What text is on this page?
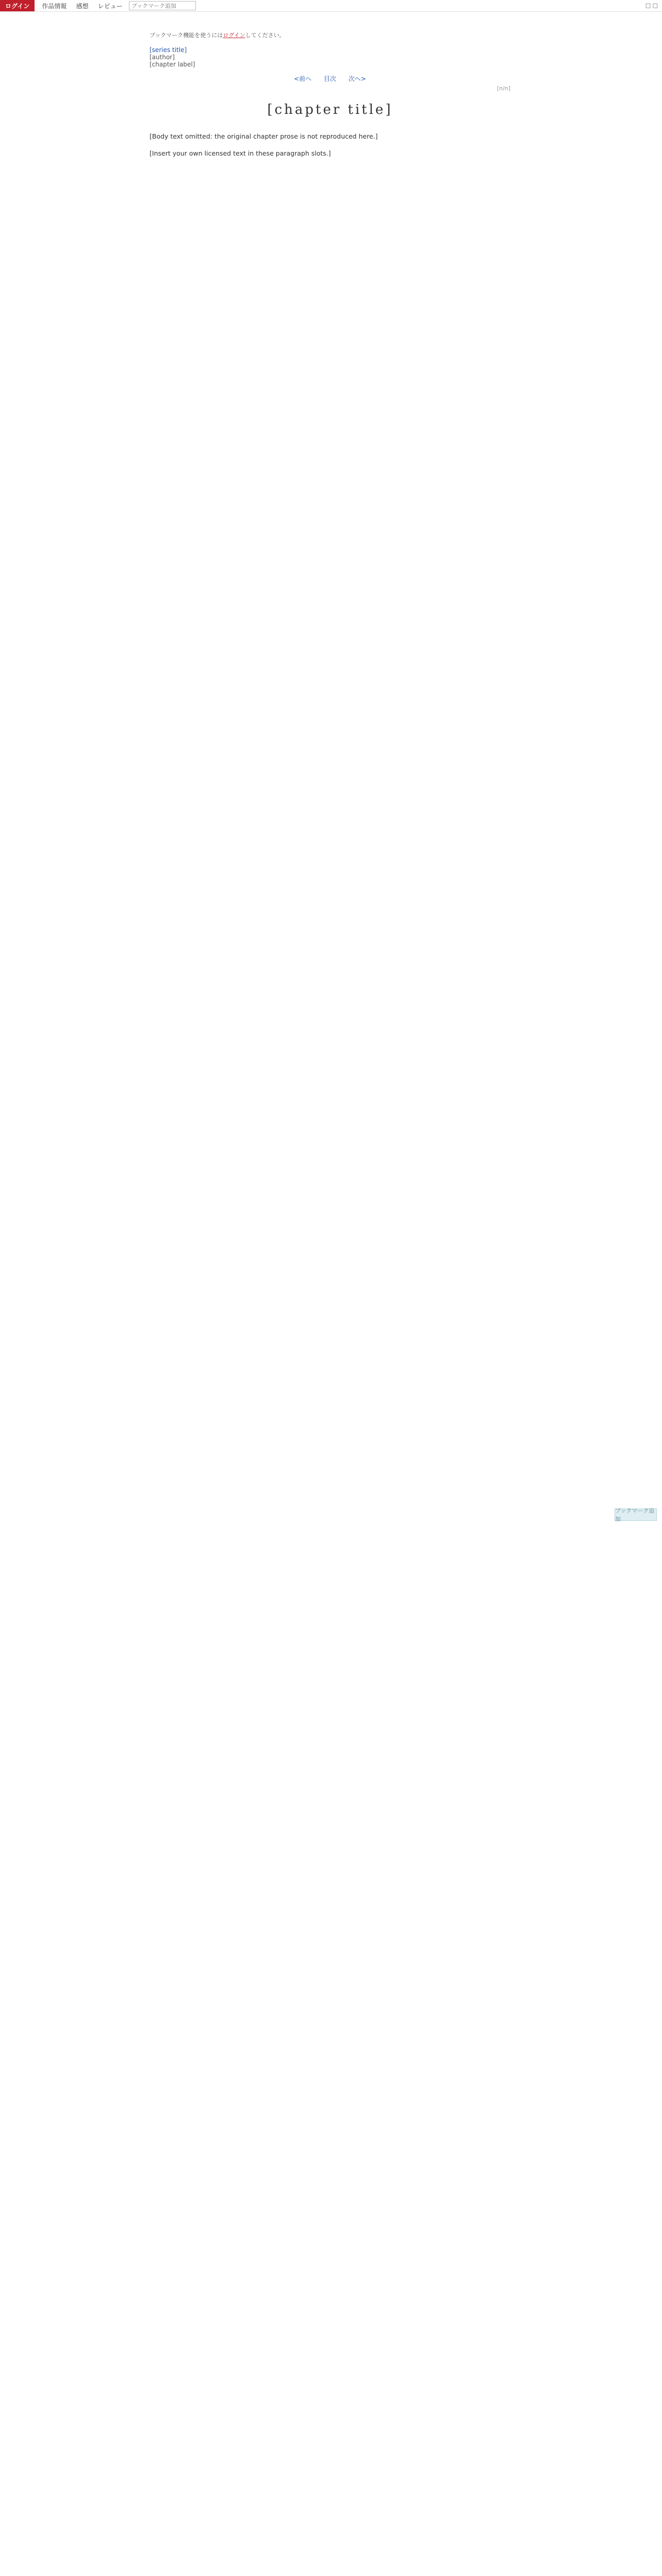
ログイン	作品情報 感想 レビュー
ブックマーク追加	□ □
ブックマーク機能を使うにはログインしてください。
[series title]
[author]
[chapter label]
<前へ 目次 次へ>
[n/n]
[chapter title]

[Body text omitted: the original chapter prose is not reproduced here.]

[Insert your own licensed text in these paragraph slots.]

ブックマーク追加
